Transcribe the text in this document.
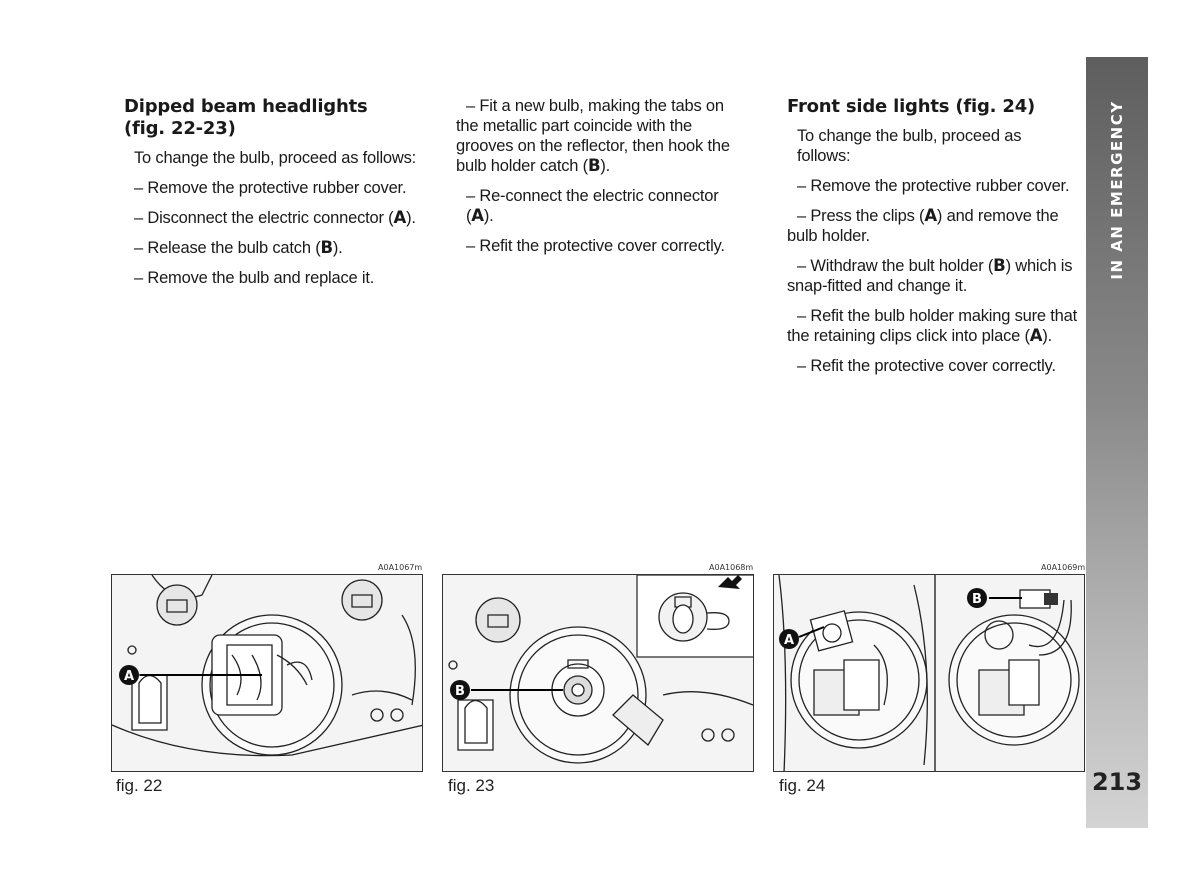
Dipped beam headlights
(fig. 22-23)

To change the bulb, proceed as follows:

– Remove the protective rubber cover.

– Disconnect the electric connector (A).

– Release the bulb catch (B).

– Remove the bulb and replace it.

– Fit a new bulb, making the tabs on the metallic part coincide with the grooves on the reflector, then hook the bulb holder catch (B).

– Re-connect the electric connector (A).

– Refit the protective cover correctly.

Front side lights (fig. 24)

To change the bulb, proceed as follows:

– Remove the protective rubber cover.

– Press the clips (A) and remove the bulb holder.

– Withdraw the bult holder (B) which is snap-fitted and change it.

– Refit the bulb holder making sure that the retaining clips click into place (A).

– Refit the protective cover correctly.

IN AN EMERGENCY
213
A0A1067m
A
fig. 22
A0A1068m
B
fig. 23
A0A1069m
A
B
fig. 24
